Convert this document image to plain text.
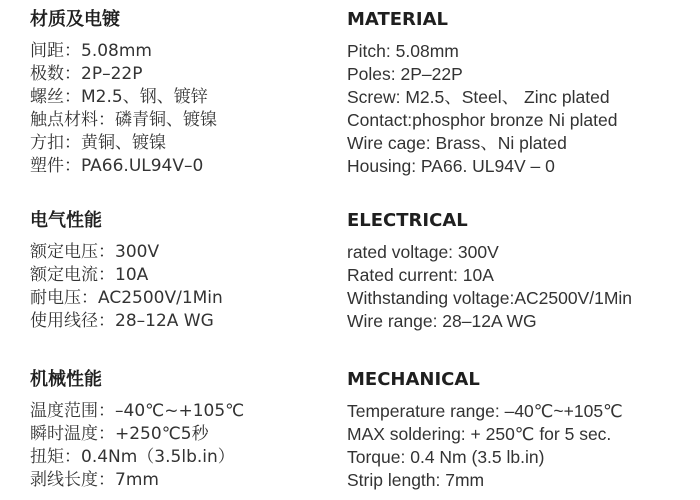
材质及电镀
间距：5.08mm
极数：2P–22P
螺丝：M2.5、钢、镀锌
触点材料：磷青铜、镀镍
方扣：黄铜、镀镍
塑件：PA66.UL94V–0
电气性能
额定电压：300V
额定电流：10A
耐电压：AC2500V/1Min
使用线径：28–12A WG
机械性能
温度范围：–40℃~+105℃
瞬时温度：+250℃5秒
扭矩：0.4Nm（3.5lb.in）
剥线长度：7mm
MATERIAL
Pitch: 5.08mm
Poles: 2P–22P
Screw: M2.5、Steel、 Zinc plated
Contact:phosphor bronze Ni plated
Wire cage: Brass、Ni plated
Housing: PA66. UL94V – 0
ELECTRICAL
rated voltage: 300V
Rated current: 10A
Withstanding voltage:AC2500V/1Min
Wire range: 28–12A WG
MECHANICAL
Temperature range: –40℃~+105℃
MAX soldering: + 250℃ for 5 sec.
Torque: 0.4 Nm (3.5 lb.in)
Strip length: 7mm
